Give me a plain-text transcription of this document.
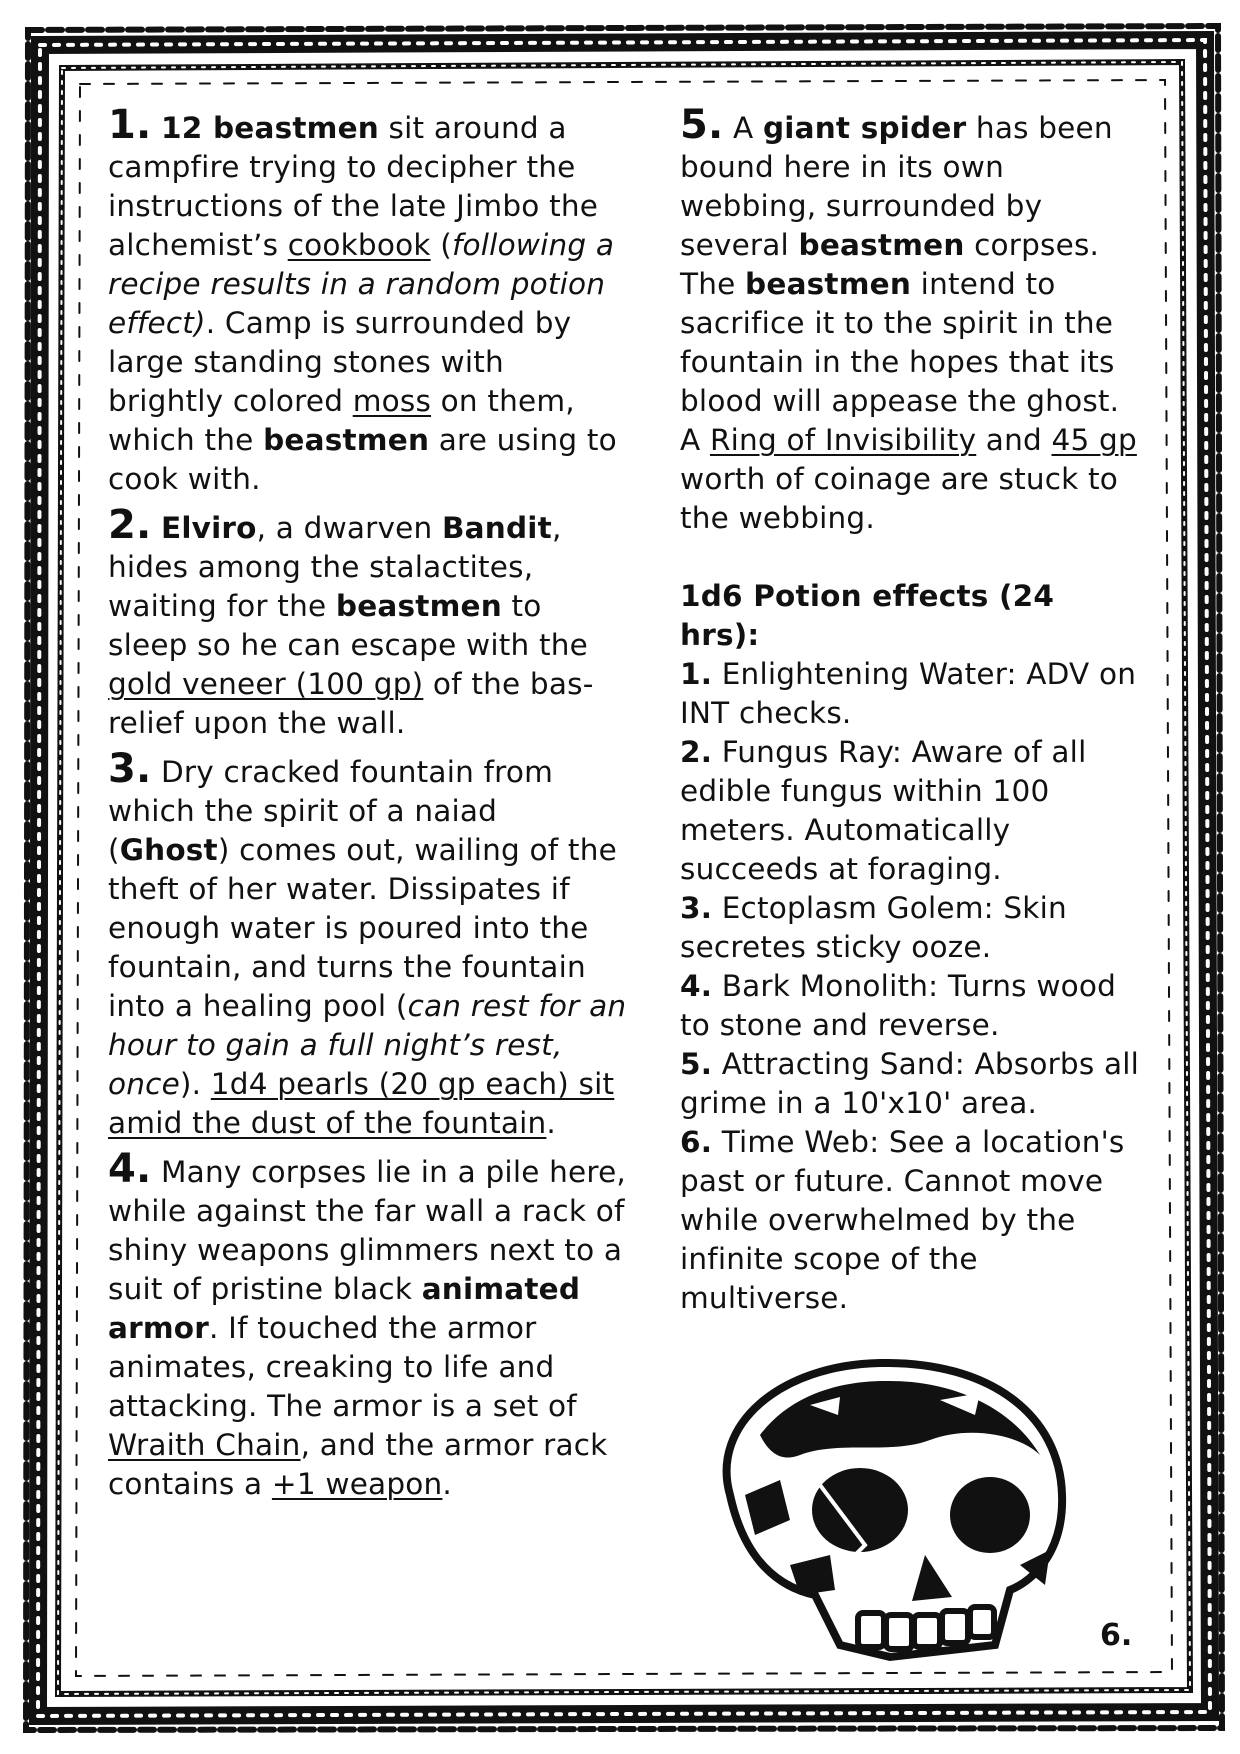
1. 12 beastmen sit around a campfire trying to decipher the instructions of the late Jimbo the alchemist’s cookbook (following a recipe results in a random potion effect). Camp is surrounded by large standing stones with brightly colored moss on them, which the beastmen are using to cook with.
2. Elviro, a dwarven Bandit, hides among the stalactites, waiting for the beastmen to sleep so he can escape with the gold veneer (100 gp) of the bas-relief upon the wall.
3. Dry cracked fountain from which the spirit of a naiad (Ghost) comes out, wailing of the theft of her water. Dissipates if enough water is poured into the fountain, and turns the fountain into a healing pool (can rest for an hour to gain a full night’s rest, once). 1d4 pearls (20 gp each) sit amid the dust of the fountain.
4. Many corpses lie in a pile here, while against the far wall a rack of shiny weapons glimmers next to a suit of pristine black animated armor. If touched the armor animates, creaking to life and attacking. The armor is a set of Wraith Chain, and the armor rack contains a +1 weapon.
5. A giant spider has been bound here in its own webbing, surrounded by several beastmen corpses. The beastmen intend to sacrifice it to the spirit in the fountain in the hopes that its blood will appease the ghost. A Ring of Invisibility and 45 gp worth of coinage are stuck to the webbing.
1d6 Potion effects (24 hrs):

1. Enlightening Water: ADV on INT checks.

2. Fungus Ray: Aware of all edible fungus within 100 meters. Automatically succeeds at foraging.

3. Ectoplasm Golem: Skin secretes sticky ooze.

4. Bark Monolith: Turns wood to stone and reverse.

5. Attracting Sand: Absorbs all grime in a 10'x10' area.

6. Time Web: See a location's past or future. Cannot move while overwhelmed by the infinite scope of the multiverse.

6.
